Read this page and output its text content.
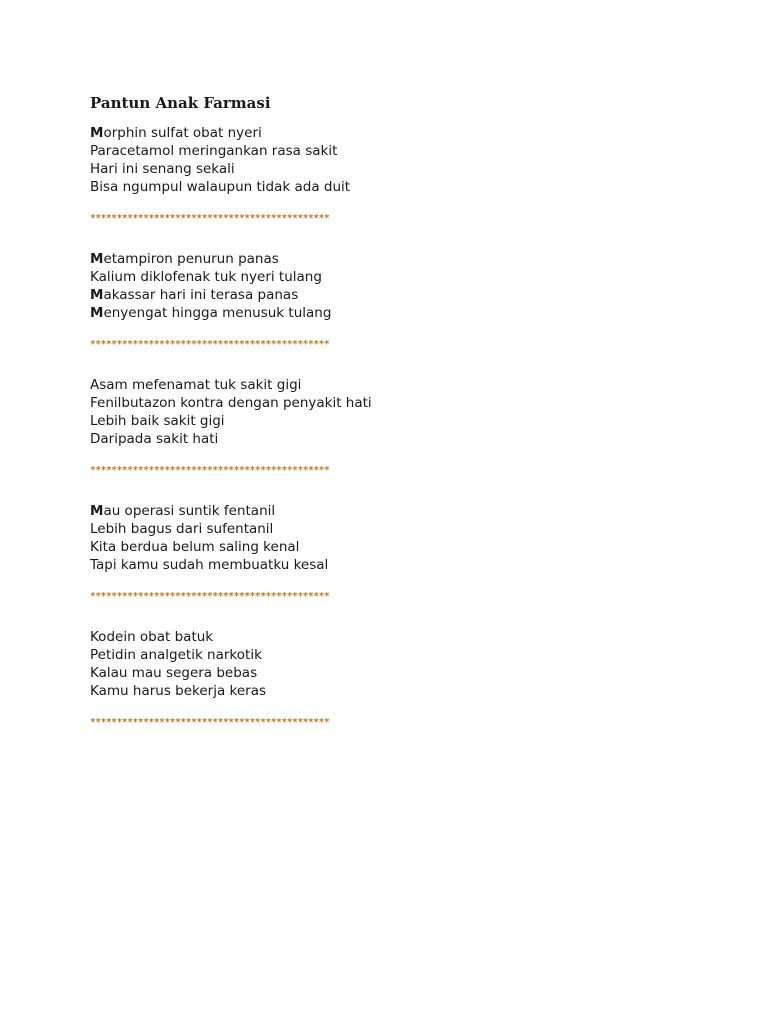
Pantun Anak Farmasi
Morphin sulfat obat nyeri
Paracetamol meringankan rasa sakit
Hari ini senang sekali
Bisa ngumpul walaupun tidak ada duit
*********************************************
Metampiron penurun panas
Kalium diklofenak tuk nyeri tulang
Makassar hari ini terasa panas
Menyengat hingga menusuk tulang
*********************************************
Asam mefenamat tuk sakit gigi
Fenilbutazon kontra dengan penyakit hati
Lebih baik sakit gigi
Daripada sakit hati
*********************************************
Mau operasi suntik fentanil
Lebih bagus dari sufentanil
Kita berdua belum saling kenal
Tapi kamu sudah membuatku kesal
*********************************************
Kodein obat batuk
Petidin analgetik narkotik
Kalau mau segera bebas
Kamu harus bekerja keras
*********************************************
